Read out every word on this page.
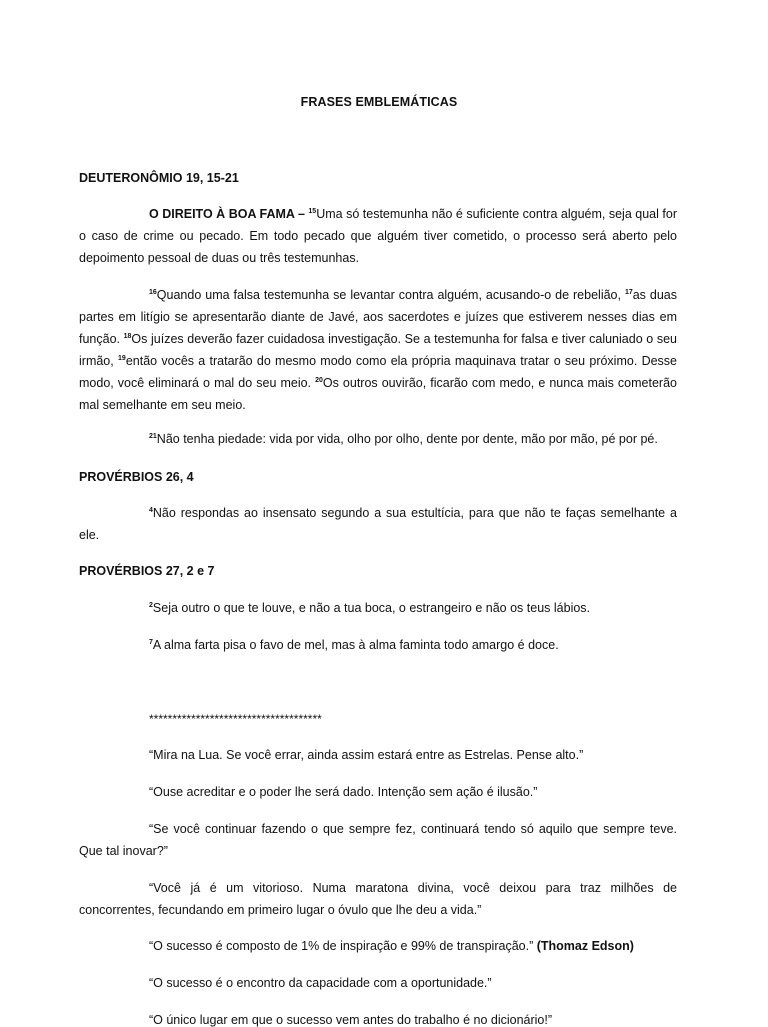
FRASES EMBLEMÁTICAS
DEUTERONÔMIO 19, 15-21

O DIREITO À BOA FAMA – $^{15}$Uma só testemunha não é suficiente contra alguém, seja qual for o caso de crime ou pecado. Em todo pecado que alguém tiver cometido, o processo será aberto pelo depoimento pessoal de duas ou três testemunhas.

$^{16}$Quando uma falsa testemunha se levantar contra alguém, acusando-o de rebelião, $^{17}$as duas partes em litígio se apresentarão diante de Javé, aos sacerdotes e juízes que estiverem nesses dias em função. $^{18}$Os juízes deverão fazer cuidadosa investigação. Se a testemunha for falsa e tiver caluniado o seu irmão, $^{19}$então vocês a tratarão do mesmo modo como ela própria maquinava tratar o seu próximo. Desse modo, você eliminará o mal do seu meio. $^{20}$Os outros ouvirão, ficarão com medo, e nunca mais cometerão mal semelhante em seu meio.

$^{21}$Não tenha piedade: vida por vida, olho por olho, dente por dente, mão por mão, pé por pé.
PROVÉRBIOS 26, 4

$^4$Não respondas ao insensato segundo a sua estultícia, para que não te faças semelhante a ele.

PROVÉRBIOS 27, 2 e 7
$^2$Seja outro o que te louve, e não a tua boca, o estrangeiro e não os teus lábios.
$^7$A alma farta pisa o favo de mel, mas à alma faminta todo amargo é doce.
*************************************
“Mira na Lua. Se você errar, ainda assim estará entre as Estrelas. Pense alto.”
“Ouse acreditar e o poder lhe será dado. Intenção sem ação é ilusão.”

“Se você continuar fazendo o que sempre fez, continuará tendo só aquilo que sempre teve. Que tal inovar?”

“Você já é um vitorioso. Numa maratona divina, você deixou para traz milhões de concorrentes, fecundando em primeiro lugar o óvulo que lhe deu a vida.”

“O sucesso é composto de 1% de inspiração e 99% de transpiração.” (Thomaz Edson)
“O sucesso é o encontro da capacidade com a oportunidade.”
“O único lugar em que o sucesso vem antes do trabalho é no dicionário!”
